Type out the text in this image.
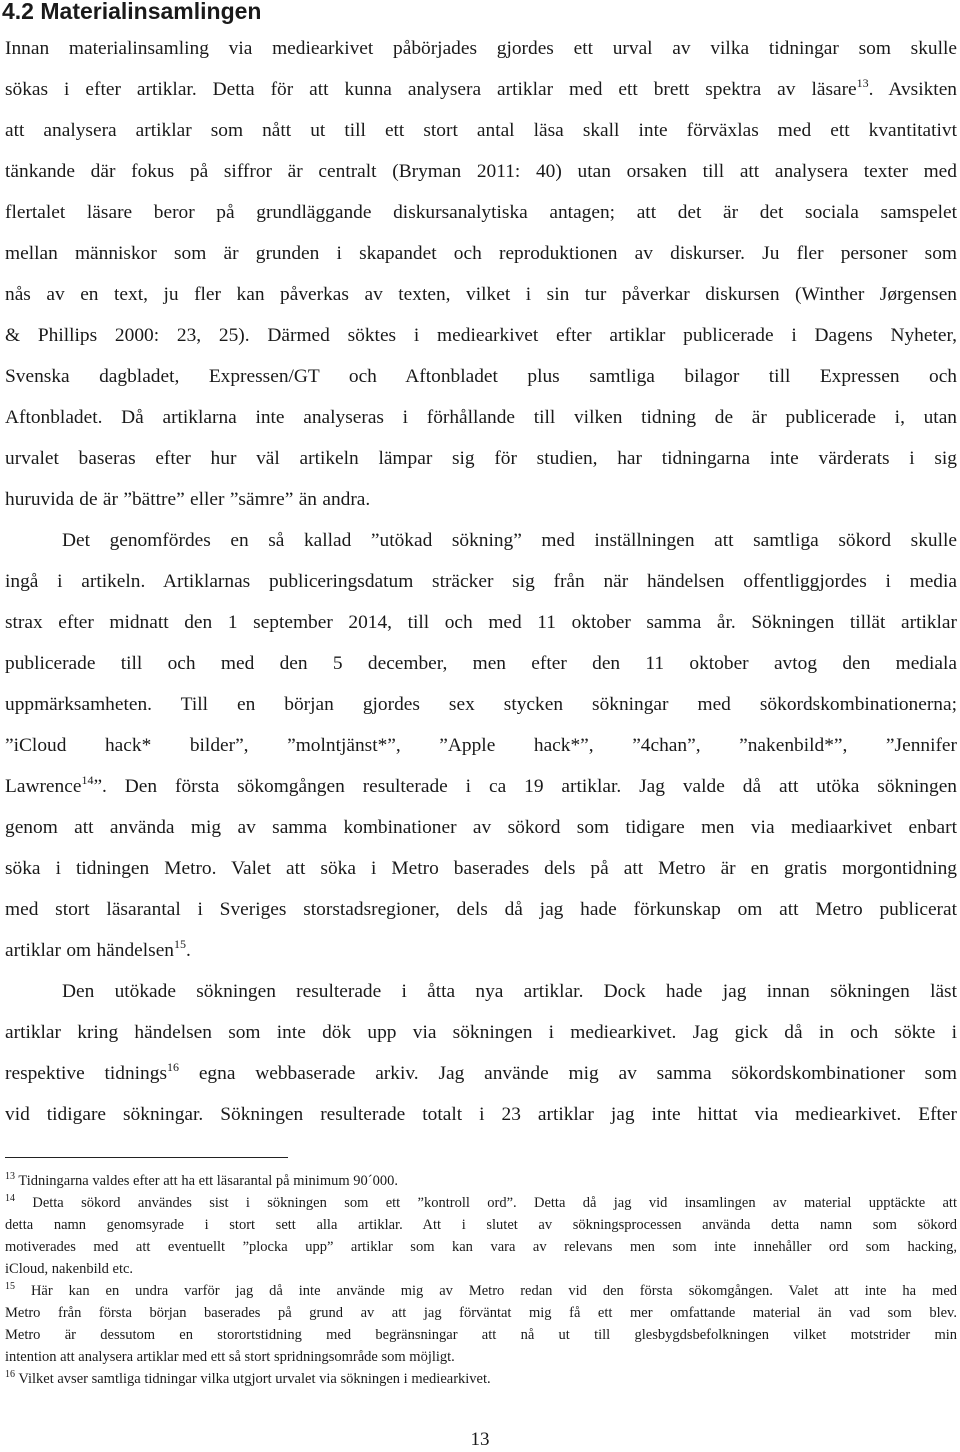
4.2 Materialinsamlingen
Innan materialinsamling via mediearkivet påbörjades gjordes ett urval av vilka tidningar som skulle
sökas i efter artiklar. Detta för att kunna analysera artiklar med ett brett spektra av läsare$^{13}$. Avsikten
att analysera artiklar som nått ut till ett stort antal läsa skall inte förväxlas med ett kvantitativt
tänkande där fokus på siffror är centralt (Bryman 2011: 40) utan orsaken till att analysera texter med
flertalet läsare beror på grundläggande diskursanalytiska antagen; att det är det sociala samspelet
mellan människor som är grunden i skapandet och reproduktionen av diskurser. Ju fler personer som
nås av en text, ju fler kan påverkas av texten, vilket i sin tur påverkar diskursen (Winther Jørgensen
& Phillips 2000: 23, 25). Därmed söktes i mediearkivet efter artiklar publicerade i Dagens Nyheter,
Svenska dagbladet, Expressen/GT och Aftonbladet plus samtliga bilagor till Expressen och
Aftonbladet. Då artiklarna inte analyseras i förhållande till vilken tidning de är publicerade i, utan
urvalet baseras efter hur väl artikeln lämpar sig för studien, har tidningarna inte värderats i sig
huruvida de är ”bättre” eller ”sämre” än andra.
Det genomfördes en så kallad ”utökad sökning” med inställningen att samtliga sökord skulle
ingå i artikeln. Artiklarnas publiceringsdatum sträcker sig från när händelsen offentliggjordes i media
strax efter midnatt den 1 september 2014, till och med 11 oktober samma år. Sökningen tillät artiklar
publicerade till och med den 5 december, men efter den 11 oktober avtog den mediala
uppmärksamheten. Till en början gjordes sex stycken sökningar med sökordskombinationerna;
”iCloud hack* bilder”, ”molntjänst*”, ”Apple hack*”, ”4chan”, ”nakenbild*”, ”Jennifer
Lawrence$^{14}$”. Den första sökomgången resulterade i ca 19 artiklar. Jag valde då att utöka sökningen
genom att använda mig av samma kombinationer av sökord som tidigare men via mediaarkivet enbart
söka i tidningen Metro. Valet att söka i Metro baserades dels på att Metro är en gratis morgontidning
med stort läsarantal i Sveriges storstadsregioner, dels då jag hade förkunskap om att Metro publicerat
artiklar om händelsen$^{15}$.
Den utökade sökningen resulterade i åtta nya artiklar. Dock hade jag innan sökningen läst
artiklar kring händelsen som inte dök upp via sökningen i mediearkivet. Jag gick då in och sökte i
respektive tidnings$^{16}$ egna webbaserade arkiv. Jag använde mig av samma sökordskombinationer som
vid tidigare sökningar. Sökningen resulterade totalt i 23 artiklar jag inte hittat via mediearkivet. Efter
$^{13}$ Tidningarna valdes efter att ha ett läsarantal på minimum 90´000.
$^{14}$ Detta sökord användes sist i sökningen som ett ”kontroll ord”. Detta då jag vid insamlingen av material upptäckte att
detta namn genomsyrade i stort sett alla artiklar. Att i slutet av sökningsprocessen använda detta namn som sökord
motiverades med att eventuellt ”plocka upp” artiklar som kan vara av relevans men som inte innehåller ord som hacking,
iCloud, nakenbild etc.
$^{15}$ Här kan en undra varför jag då inte använde mig av Metro redan vid den första sökomgången. Valet att inte ha med
Metro från första början baserades på grund av att jag förväntat mig få ett mer omfattande material än vad som blev.
Metro är dessutom en storortstidning med begränsningar att nå ut till glesbygdsbefolkningen vilket motstrider min
intention att analysera artiklar med ett så stort spridningsområde som möjligt.
$^{16}$ Vilket avser samtliga tidningar vilka utgjort urvalet via sökningen i mediearkivet.
13
